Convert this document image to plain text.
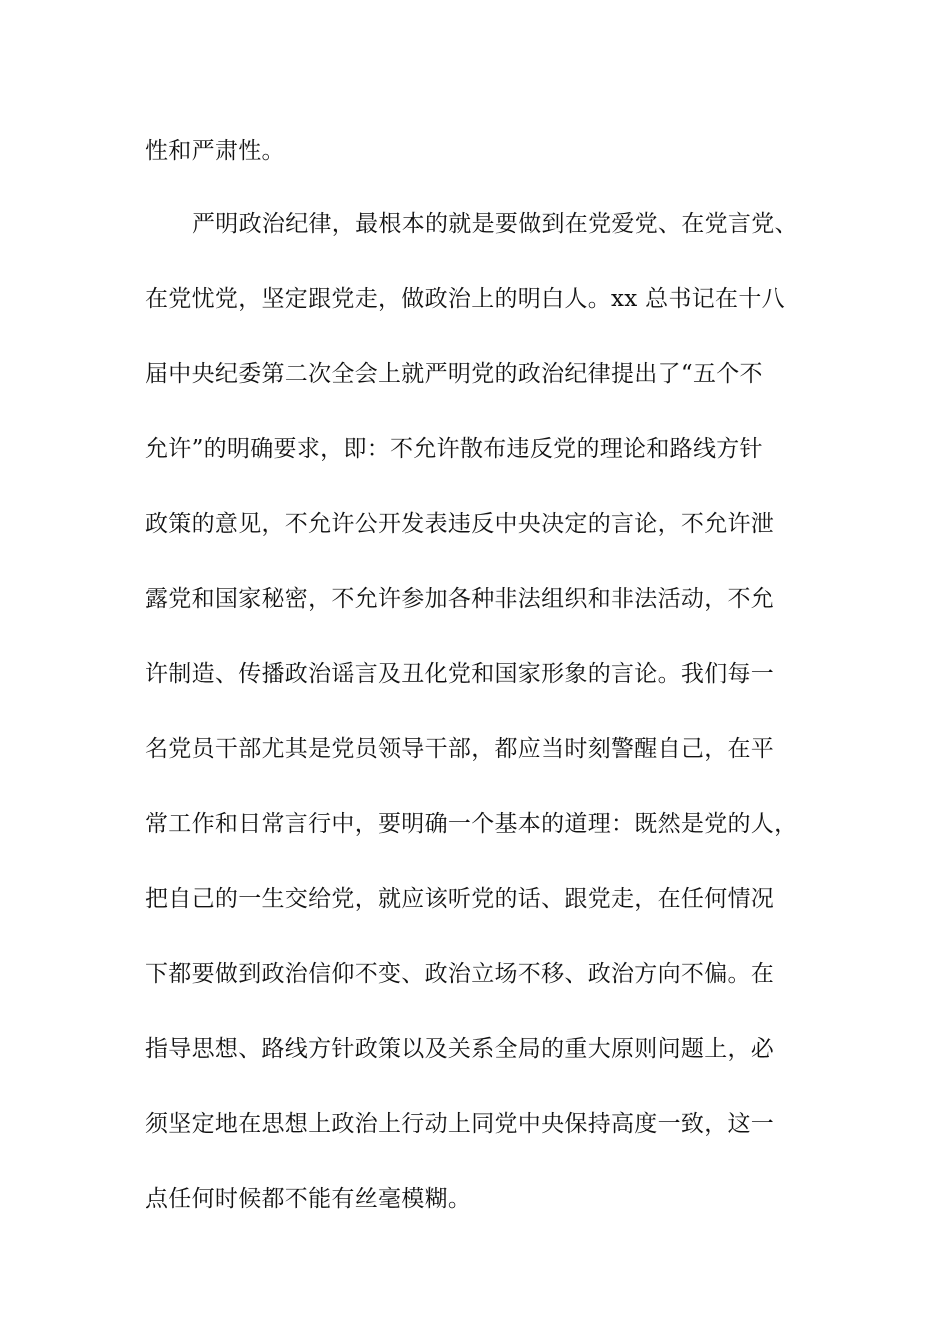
性和严肃性。
严明政治纪律，最根本的就是要做到在党爱党、在党言党、
在党忧党，坚定跟党走，做政治上的明白人。xx 总书记在十八
届中央纪委第二次全会上就严明党的政治纪律提出了“五个不
允许”的明确要求，即：不允许散布违反党的理论和路线方针
政策的意见，不允许公开发表违反中央决定的言论，不允许泄
露党和国家秘密，不允许参加各种非法组织和非法活动，不允
许制造、传播政治谣言及丑化党和国家形象的言论。我们每一
名党员干部尤其是党员领导干部，都应当时刻警醒自己，在平
常工作和日常言行中，要明确一个基本的道理：既然是党的人，
把自己的一生交给党，就应该听党的话、跟党走，在任何情况
下都要做到政治信仰不变、政治立场不移、政治方向不偏。在
指导思想、路线方针政策以及关系全局的重大原则问题上，必
须坚定地在思想上政治上行动上同党中央保持高度一致，这一
点任何时候都不能有丝毫模糊。
